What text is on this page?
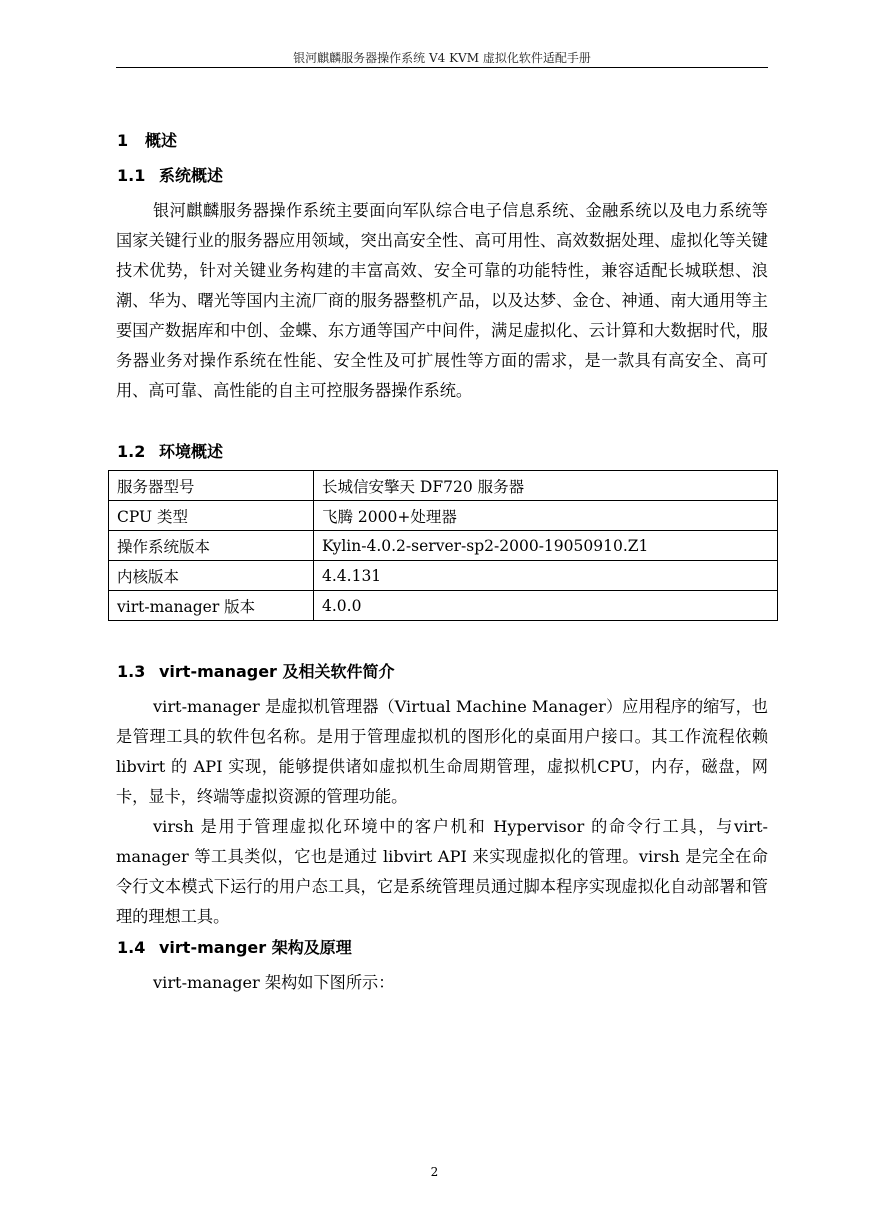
银河麒麟服务器操作系统 V4 KVM 虚拟化软件适配手册
1 概述
1.1 系统概述

银河麒麟服务器操作系统主要面向军队综合电子信息系统、金融系统以及电力系统等国家关键行业的服务器应用领域，突出高安全性、高可用性、高效数据处理、虚拟化等关键技术优势，针对关键业务构建的丰富高效、安全可靠的功能特性，兼容适配长城联想、浪潮、华为、曙光等国内主流厂商的服务器整机产品，以及达梦、金仓、神通、南大通用等主要国产数据库和中创、金蝶、东方通等国产中间件，满足虚拟化、云计算和大数据时代，服务器业务对操作系统在性能、安全性及可扩展性等方面的需求，是一款具有高安全、高可用、高可靠、高性能的自主可控服务器操作系统。

1.2 环境概述
服务器型号	长城信安擎天 DF720 服务器
CPU 类型	飞腾 2000+处理器
操作系统版本	Kylin-4.0.2-server-sp2-2000-19050910.Z1
内核版本	4.4.131
virt-manager 版本	4.0.0
1.3 virt-manager 及相关软件简介

virt-manager 是虚拟机管理器（Virtual Machine Manager）应用程序的缩写，也是管理工具的软件包名称。是用于管理虚拟机的图形化的桌面用户接口。其工作流程依赖 libvirt 的 API 实现，能够提供诸如虚拟机生命周期管理，虚拟机CPU，内存，磁盘，网卡，显卡，终端等虚拟资源的管理功能。

virsh 是用于管理虚拟化环境中的客户机和 Hypervisor 的命令行工具，与virt-manager 等工具类似，它也是通过 libvirt API 来实现虚拟化的管理。virsh 是完全在命令行文本模式下运行的用户态工具，它是系统管理员通过脚本程序实现虚拟化自动部署和管理的理想工具。

1.4 virt-manger 架构及原理

virt-manager 架构如下图所示：

2
